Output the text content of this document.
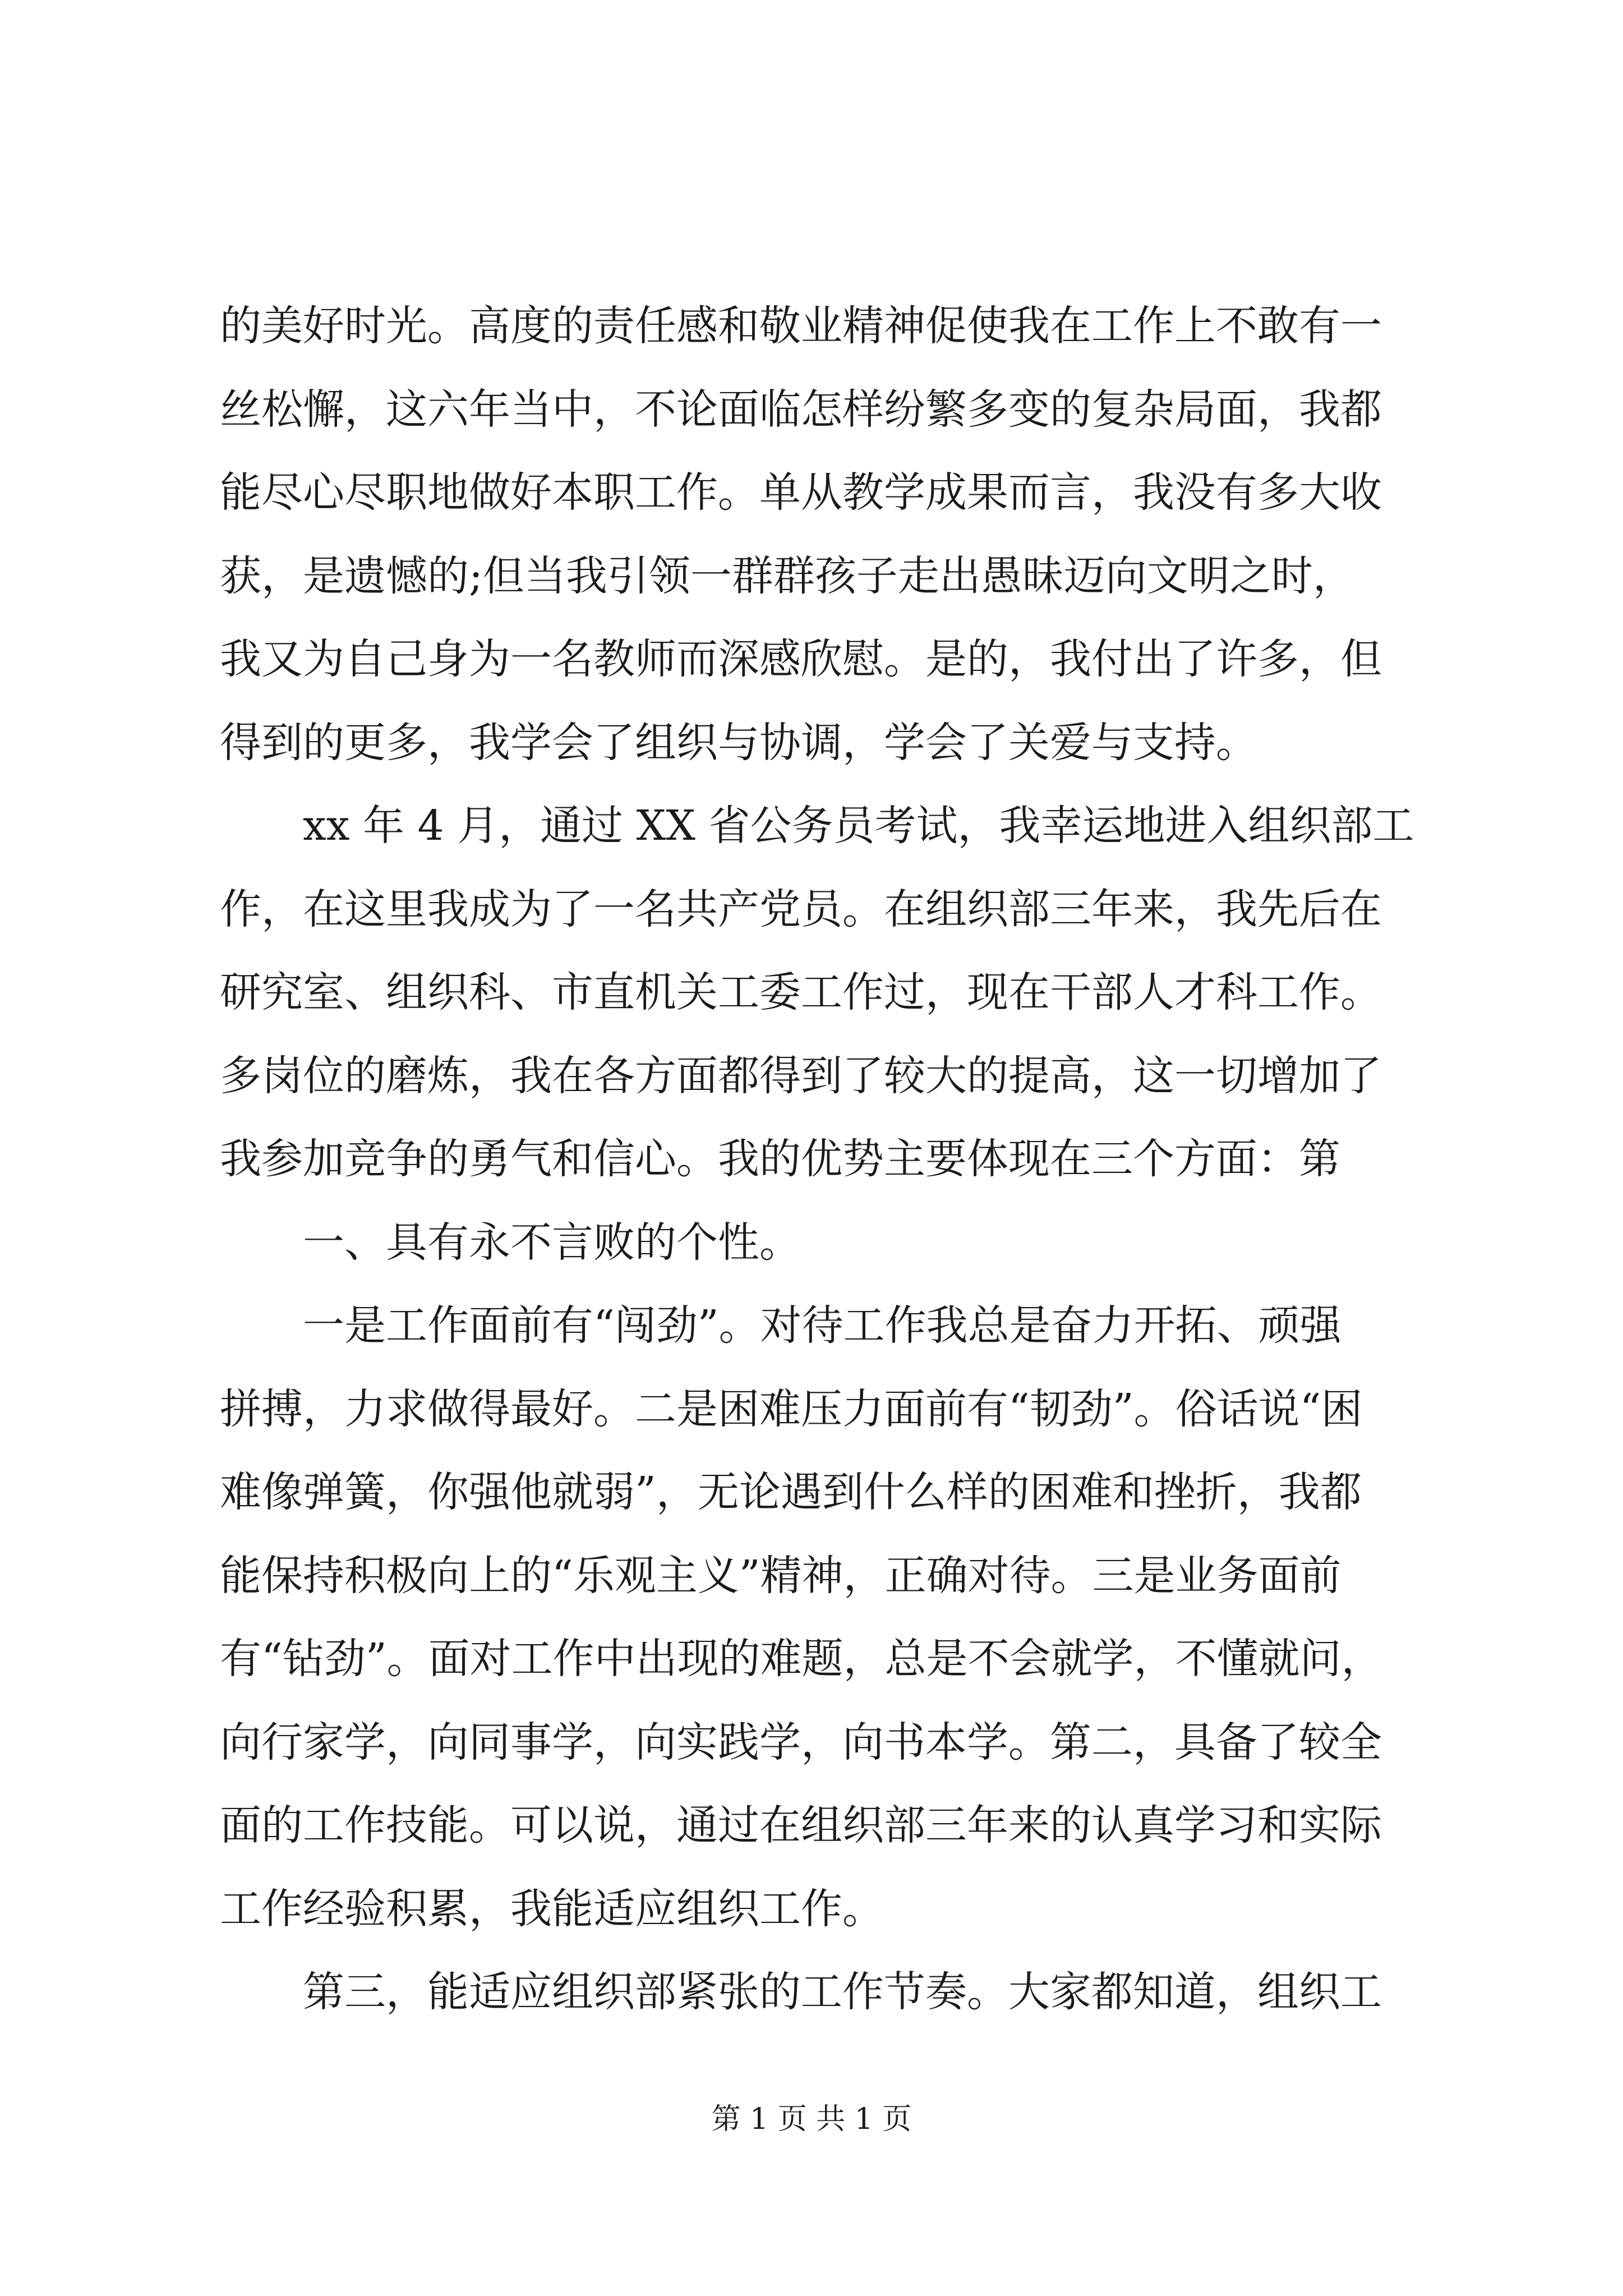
的美好时光。高度的责任感和敬业精神促使我在工作上不敢有一
丝松懈，这六年当中，不论面临怎样纷繁多变的复杂局面，我都
能尽心尽职地做好本职工作。单从教学成果而言，我没有多大收
获，是遗憾的;但当我引领一群群孩子走出愚昧迈向文明之时，
我又为自己身为一名教师而深感欣慰。是的，我付出了许多，但
得到的更多，我学会了组织与协调，学会了关爱与支持。
　　xx 年 4 月，通过 XX 省公务员考试，我幸运地进入组织部工
作，在这里我成为了一名共产党员。在组织部三年来，我先后在
研究室、组织科、市直机关工委工作过，现在干部人才科工作。
多岗位的磨炼，我在各方面都得到了较大的提高，这一切增加了
我参加竞争的勇气和信心。我的优势主要体现在三个方面：第
　　一、具有永不言败的个性。
　　一是工作面前有“闯劲”。对待工作我总是奋力开拓、顽强
拼搏，力求做得最好。二是困难压力面前有“韧劲”。俗话说“困
难像弹簧，你强他就弱”，无论遇到什么样的困难和挫折，我都
能保持积极向上的“乐观主义”精神，正确对待。三是业务面前
有“钻劲”。面对工作中出现的难题，总是不会就学，不懂就问，
向行家学，向同事学，向实践学，向书本学。第二，具备了较全
面的工作技能。可以说，通过在组织部三年来的认真学习和实际
工作经验积累，我能适应组织工作。
　　第三，能适应组织部紧张的工作节奏。大家都知道，组织工
第 1 页 共 1 页
